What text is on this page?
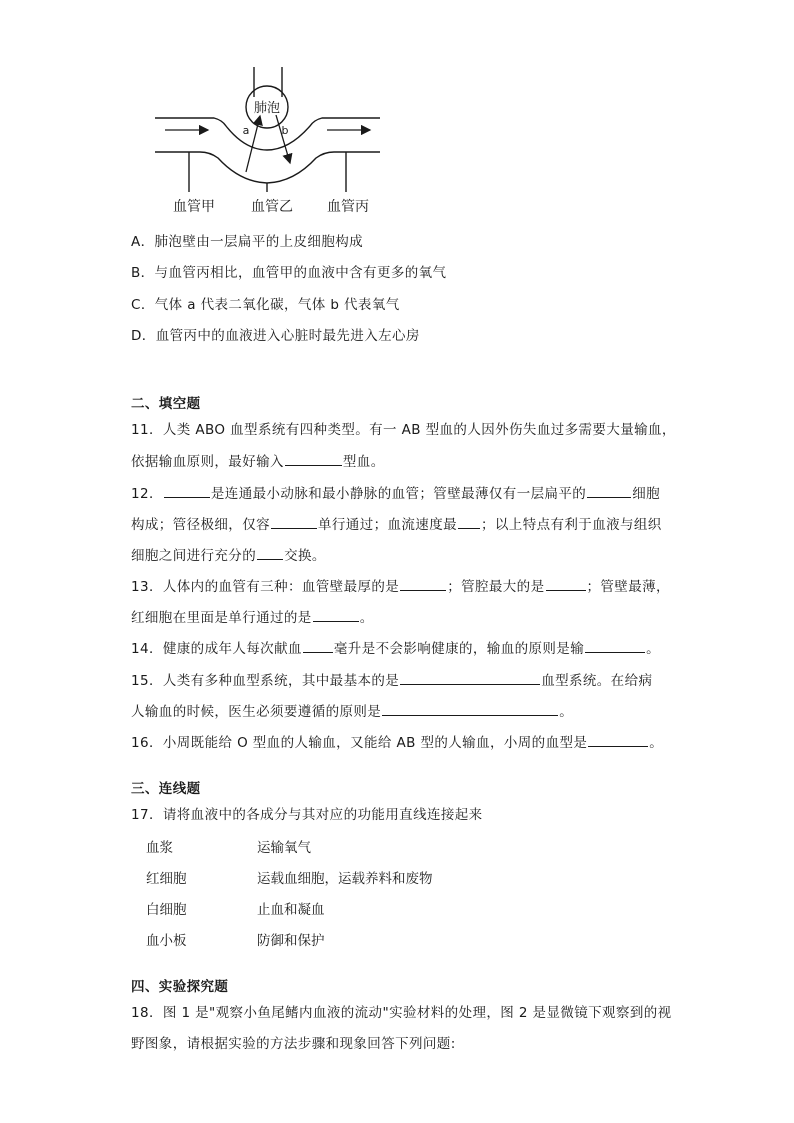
肺泡
a	b
血管甲	血管乙 血管丙
A．肺泡壁由一层扁平的上皮细胞构成
B．与血管丙相比，血管甲的血液中含有更多的氧气
C．气体 a 代表二氧化碳，气体 b 代表氧气
D．血管丙中的血液进入心脏时最先进入左心房
二、填空题
11．人类 ABO 血型系统有四种类型。有一 AB 型血的人因外伤失血过多需要大量输血，
依据输血原则，最好输入	型血。
12．	是连通最小动脉和最小静脉的血管；管壁最薄仅有一层扁平的	细胞
构成；管径极细，仅容	单行通过；血流速度最 ；以上特点有利于血液与组织
细胞之间进行充分的 交换。
13．人体内的血管有三种：血管壁最厚的是	；管腔最大的是	；管壁最薄，
红细胞在里面是单行通过的是	。
14．健康的成年人每次献血 毫升是不会影响健康的，输血的原则是输	。
15．人类有多种血型系统，其中最基本的是	血型系统。在给病
人输血的时候，医生必须要遵循的原则是	。
16．小周既能给 O 型血的人输血，又能给 AB 型的人输血，小周的血型是	。
三、连线题
17．请将血液中的各成分与其对应的功能用直线连接起来
血浆	运输氧气
红细胞	运载血细胞，运载养料和废物
白细胞	止血和凝血
血小板	防御和保护
四、实验探究题
18．图 1 是"观察小鱼尾鳍内血液的流动"实验材料的处理，图 2 是显微镜下观察到的视
野图象，请根据实验的方法步骤和现象回答下列问题:
